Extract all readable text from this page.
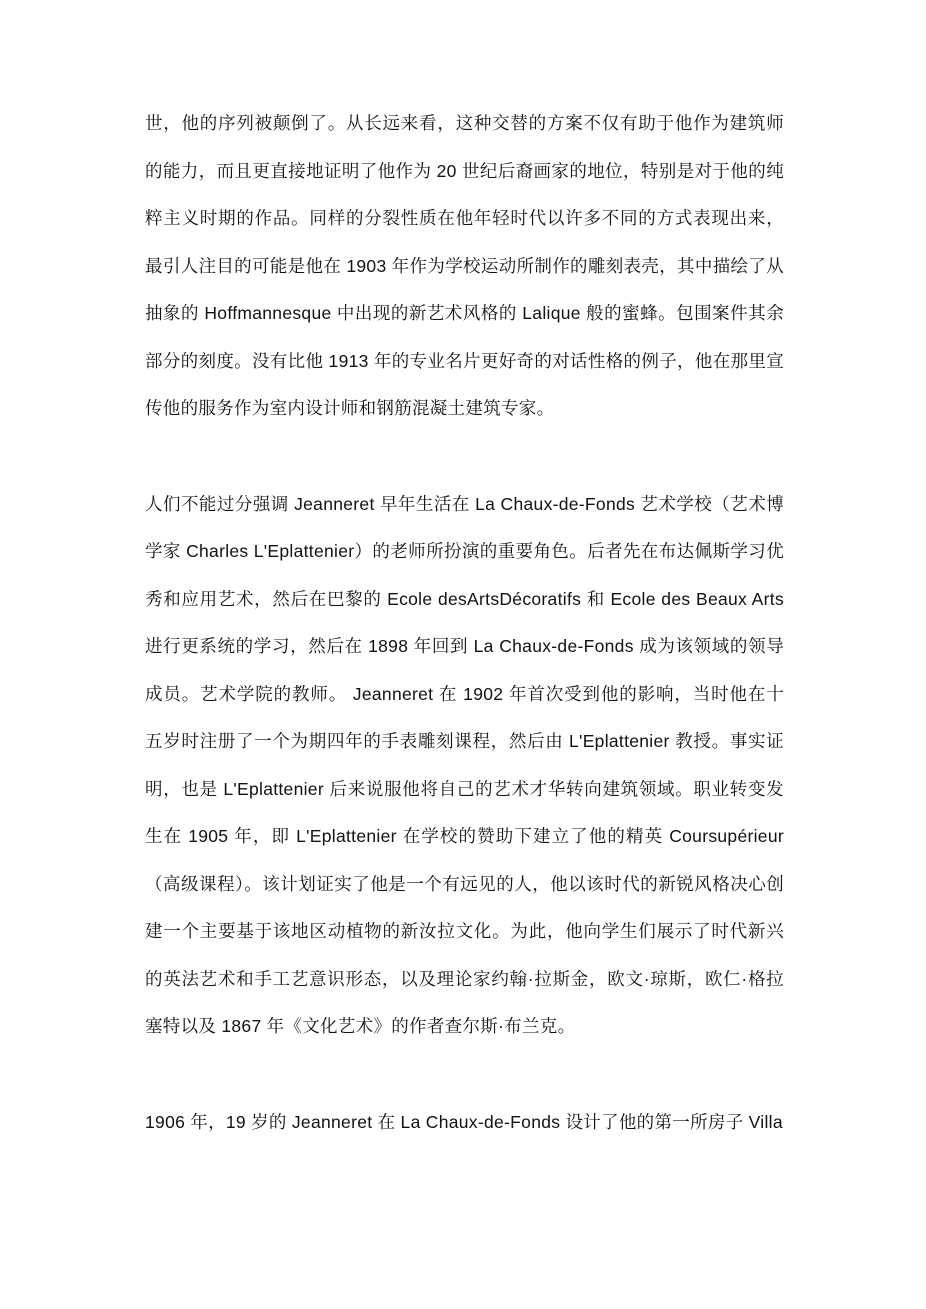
世，他的序列被颠倒了。从长远来看，这种交替的方案不仅有助于他作为建筑师的能力，而且更直接地证明了他作为 20 世纪后裔画家的地位，特别是对于他的纯粹主义时期的作品。同样的分裂性质在他年轻时代以许多不同的方式表现出来，最引人注目的可能是他在 1903 年作为学校运动所制作的雕刻表壳，其中描绘了从抽象的 Hoffmannesque 中出现的新艺术风格的 Lalique 般的蜜蜂。包围案件其余部分的刻度。没有比他 1913 年的专业名片更好奇的对话性格的例子，他在那里宣传他的服务作为室内设计师和钢筋混凝土建筑专家。

人们不能过分强调 Jeanneret 早年生活在 La Chaux-de-Fonds 艺术学校（艺术博学家 Charles L'Eplattenier）的老师所扮演的重要角色。后者先在布达佩斯学习优秀和应用艺术，然后在巴黎的 Ecole desArtsDécoratifs 和 Ecole des Beaux Arts 进行更系统的学习，然后在 1898 年回到 La Chaux-de-Fonds 成为该领域的领导成员。艺术学院的教师。 Jeanneret 在 1902 年首次受到他的影响，当时他在十五岁时注册了一个为期四年的手表雕刻课程，然后由 L'Eplattenier 教授。事实证明，也是 L'Eplattenier 后来说服他将自己的艺术才华转向建筑领域。职业转变发生在 1905 年，即 L'Eplattenier 在学校的赞助下建立了他的精英 Coursupérieur（高级课程）。该计划证实了他是一个有远见的人，他以该时代的新锐风格决心创建一个主要基于该地区动植物的新汝拉文化。为此，他向学生们展示了时代新兴的英法艺术和手工艺意识形态，以及理论家约翰·拉斯金，欧文·琼斯，欧仁·格拉塞特以及 1867 年《文化艺术》的作者查尔斯·布兰克。

1906 年，19 岁的 Jeanneret 在 La Chaux-de-Fonds 设计了他的第一所房子 Villa
